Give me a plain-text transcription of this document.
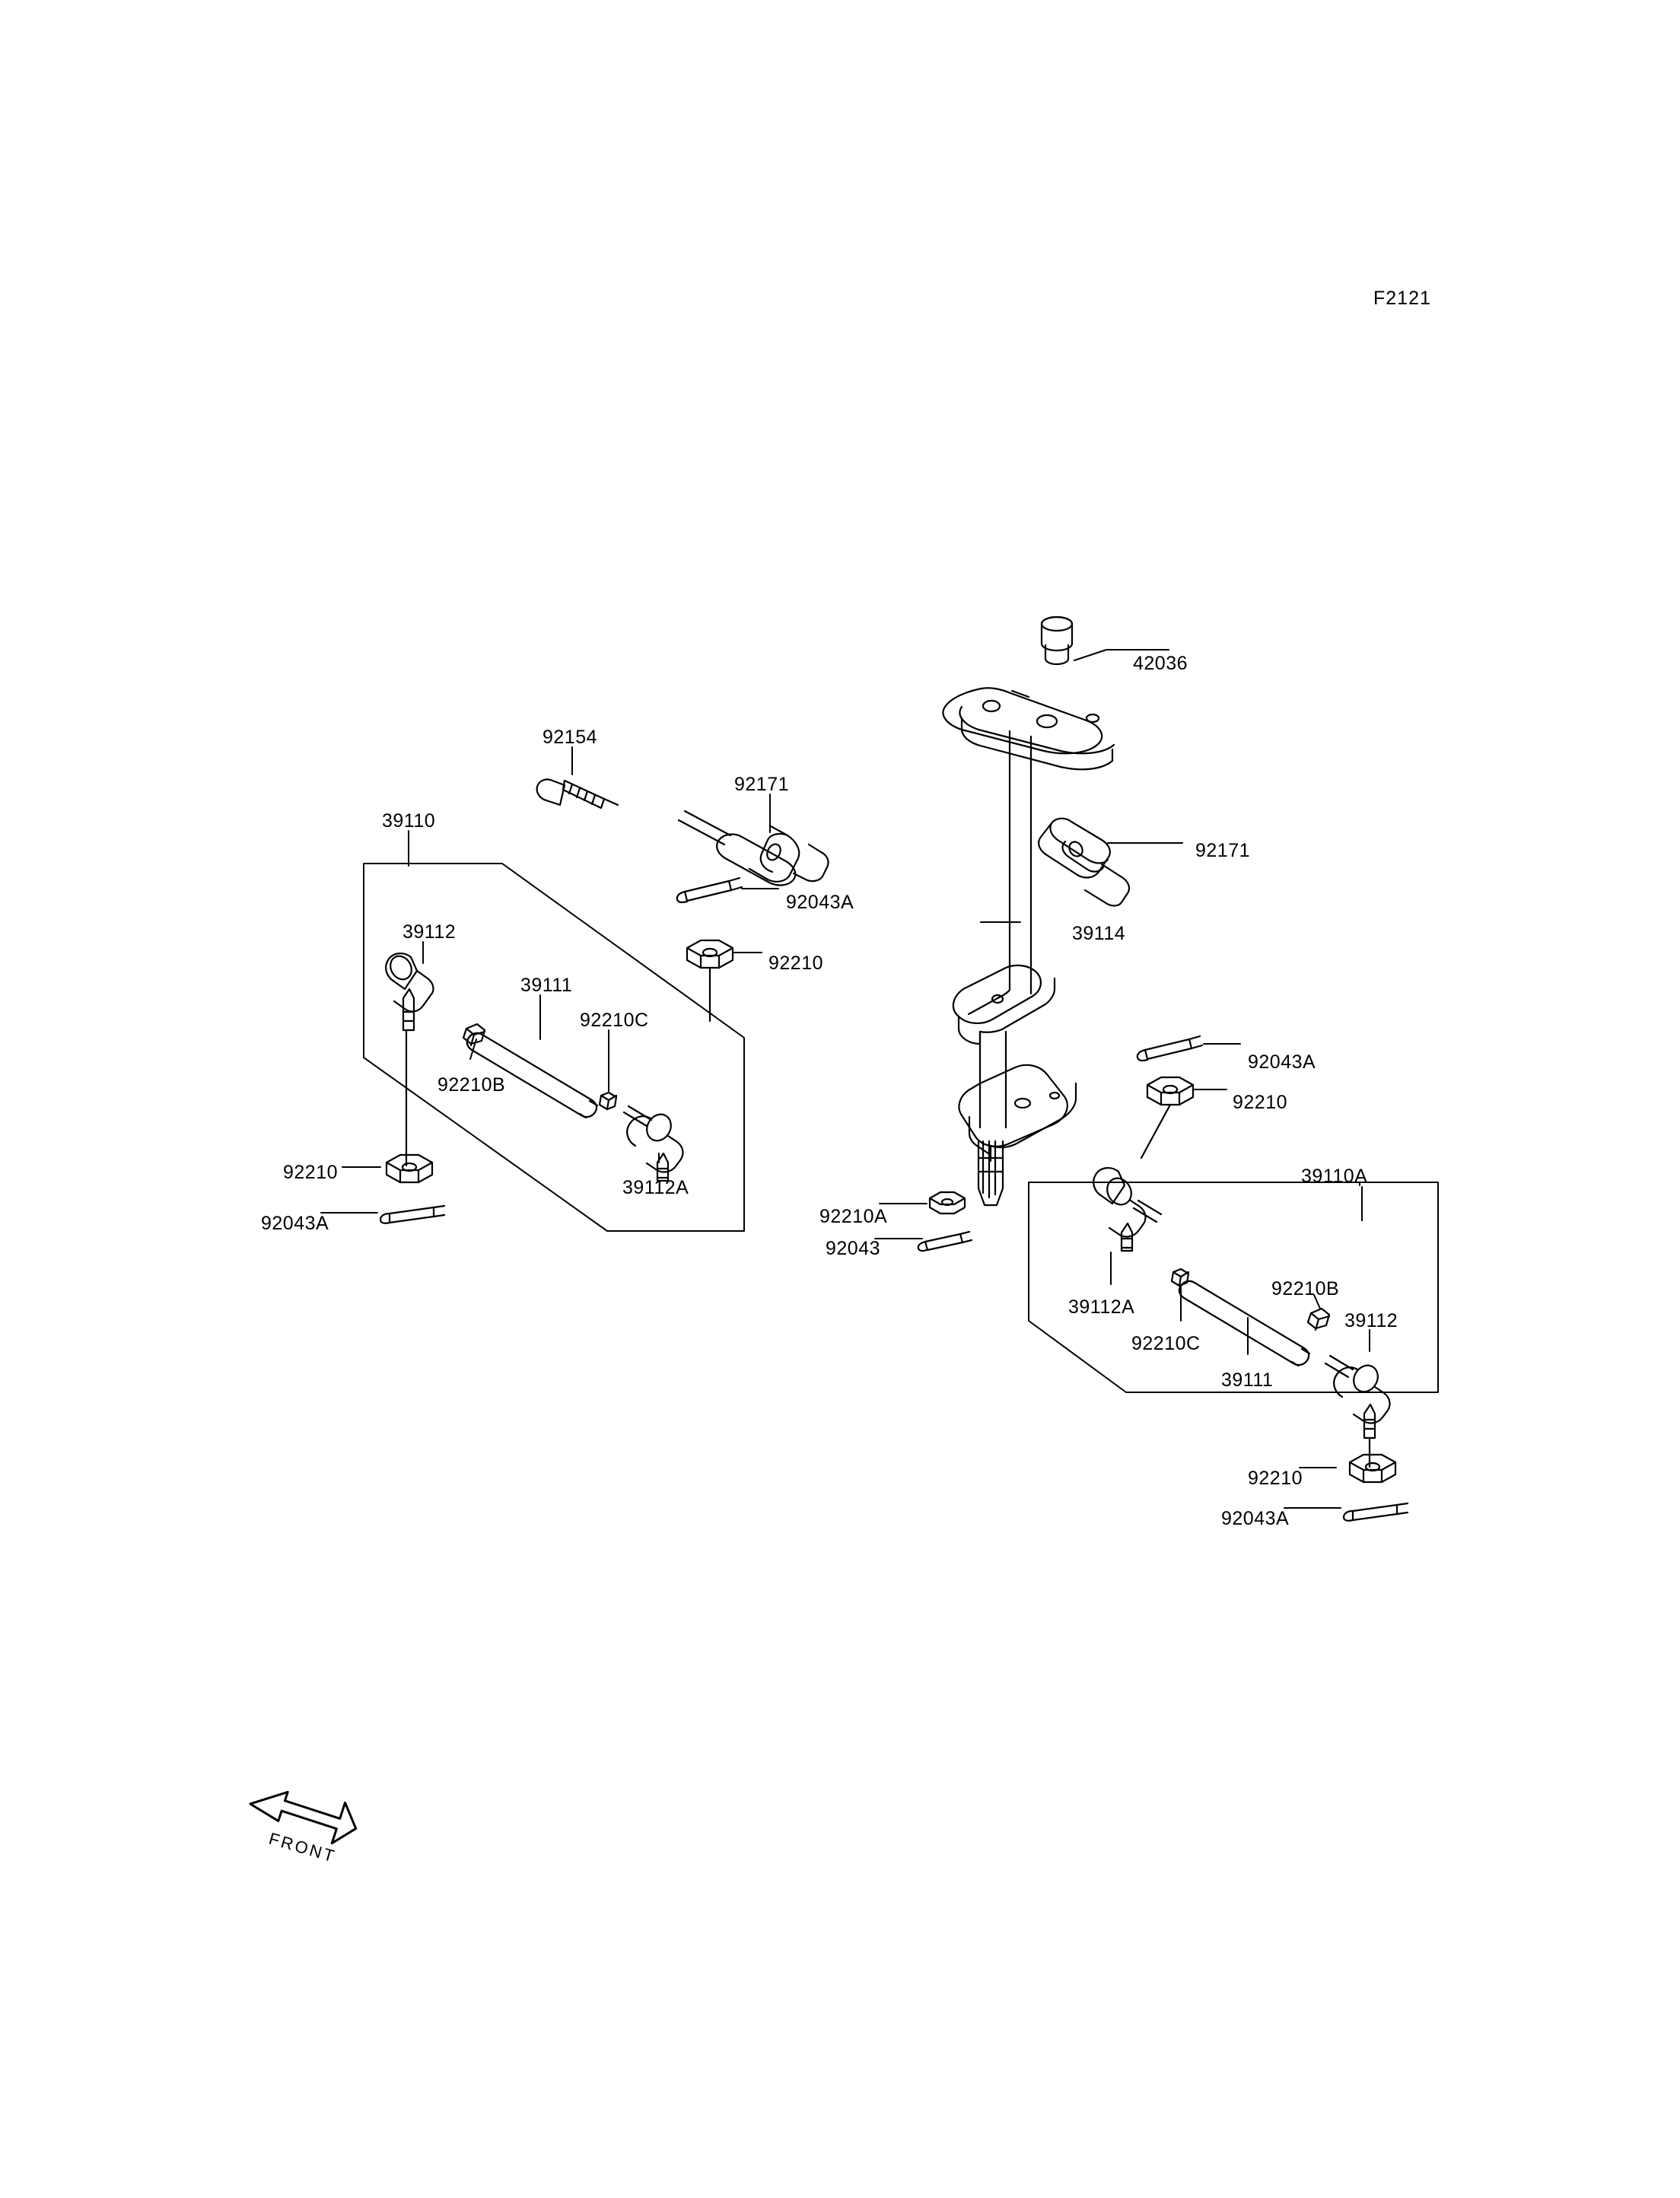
F2121
FRONT
42036
92154
92171
92171
39110
92043A
39112
92210
39114
39111
92210C
92210B
92043A
92210
92210
39112A
39110A
92043A	92210A
92043
39112A
92210B
39112
92210C
39111
92210
92043A
